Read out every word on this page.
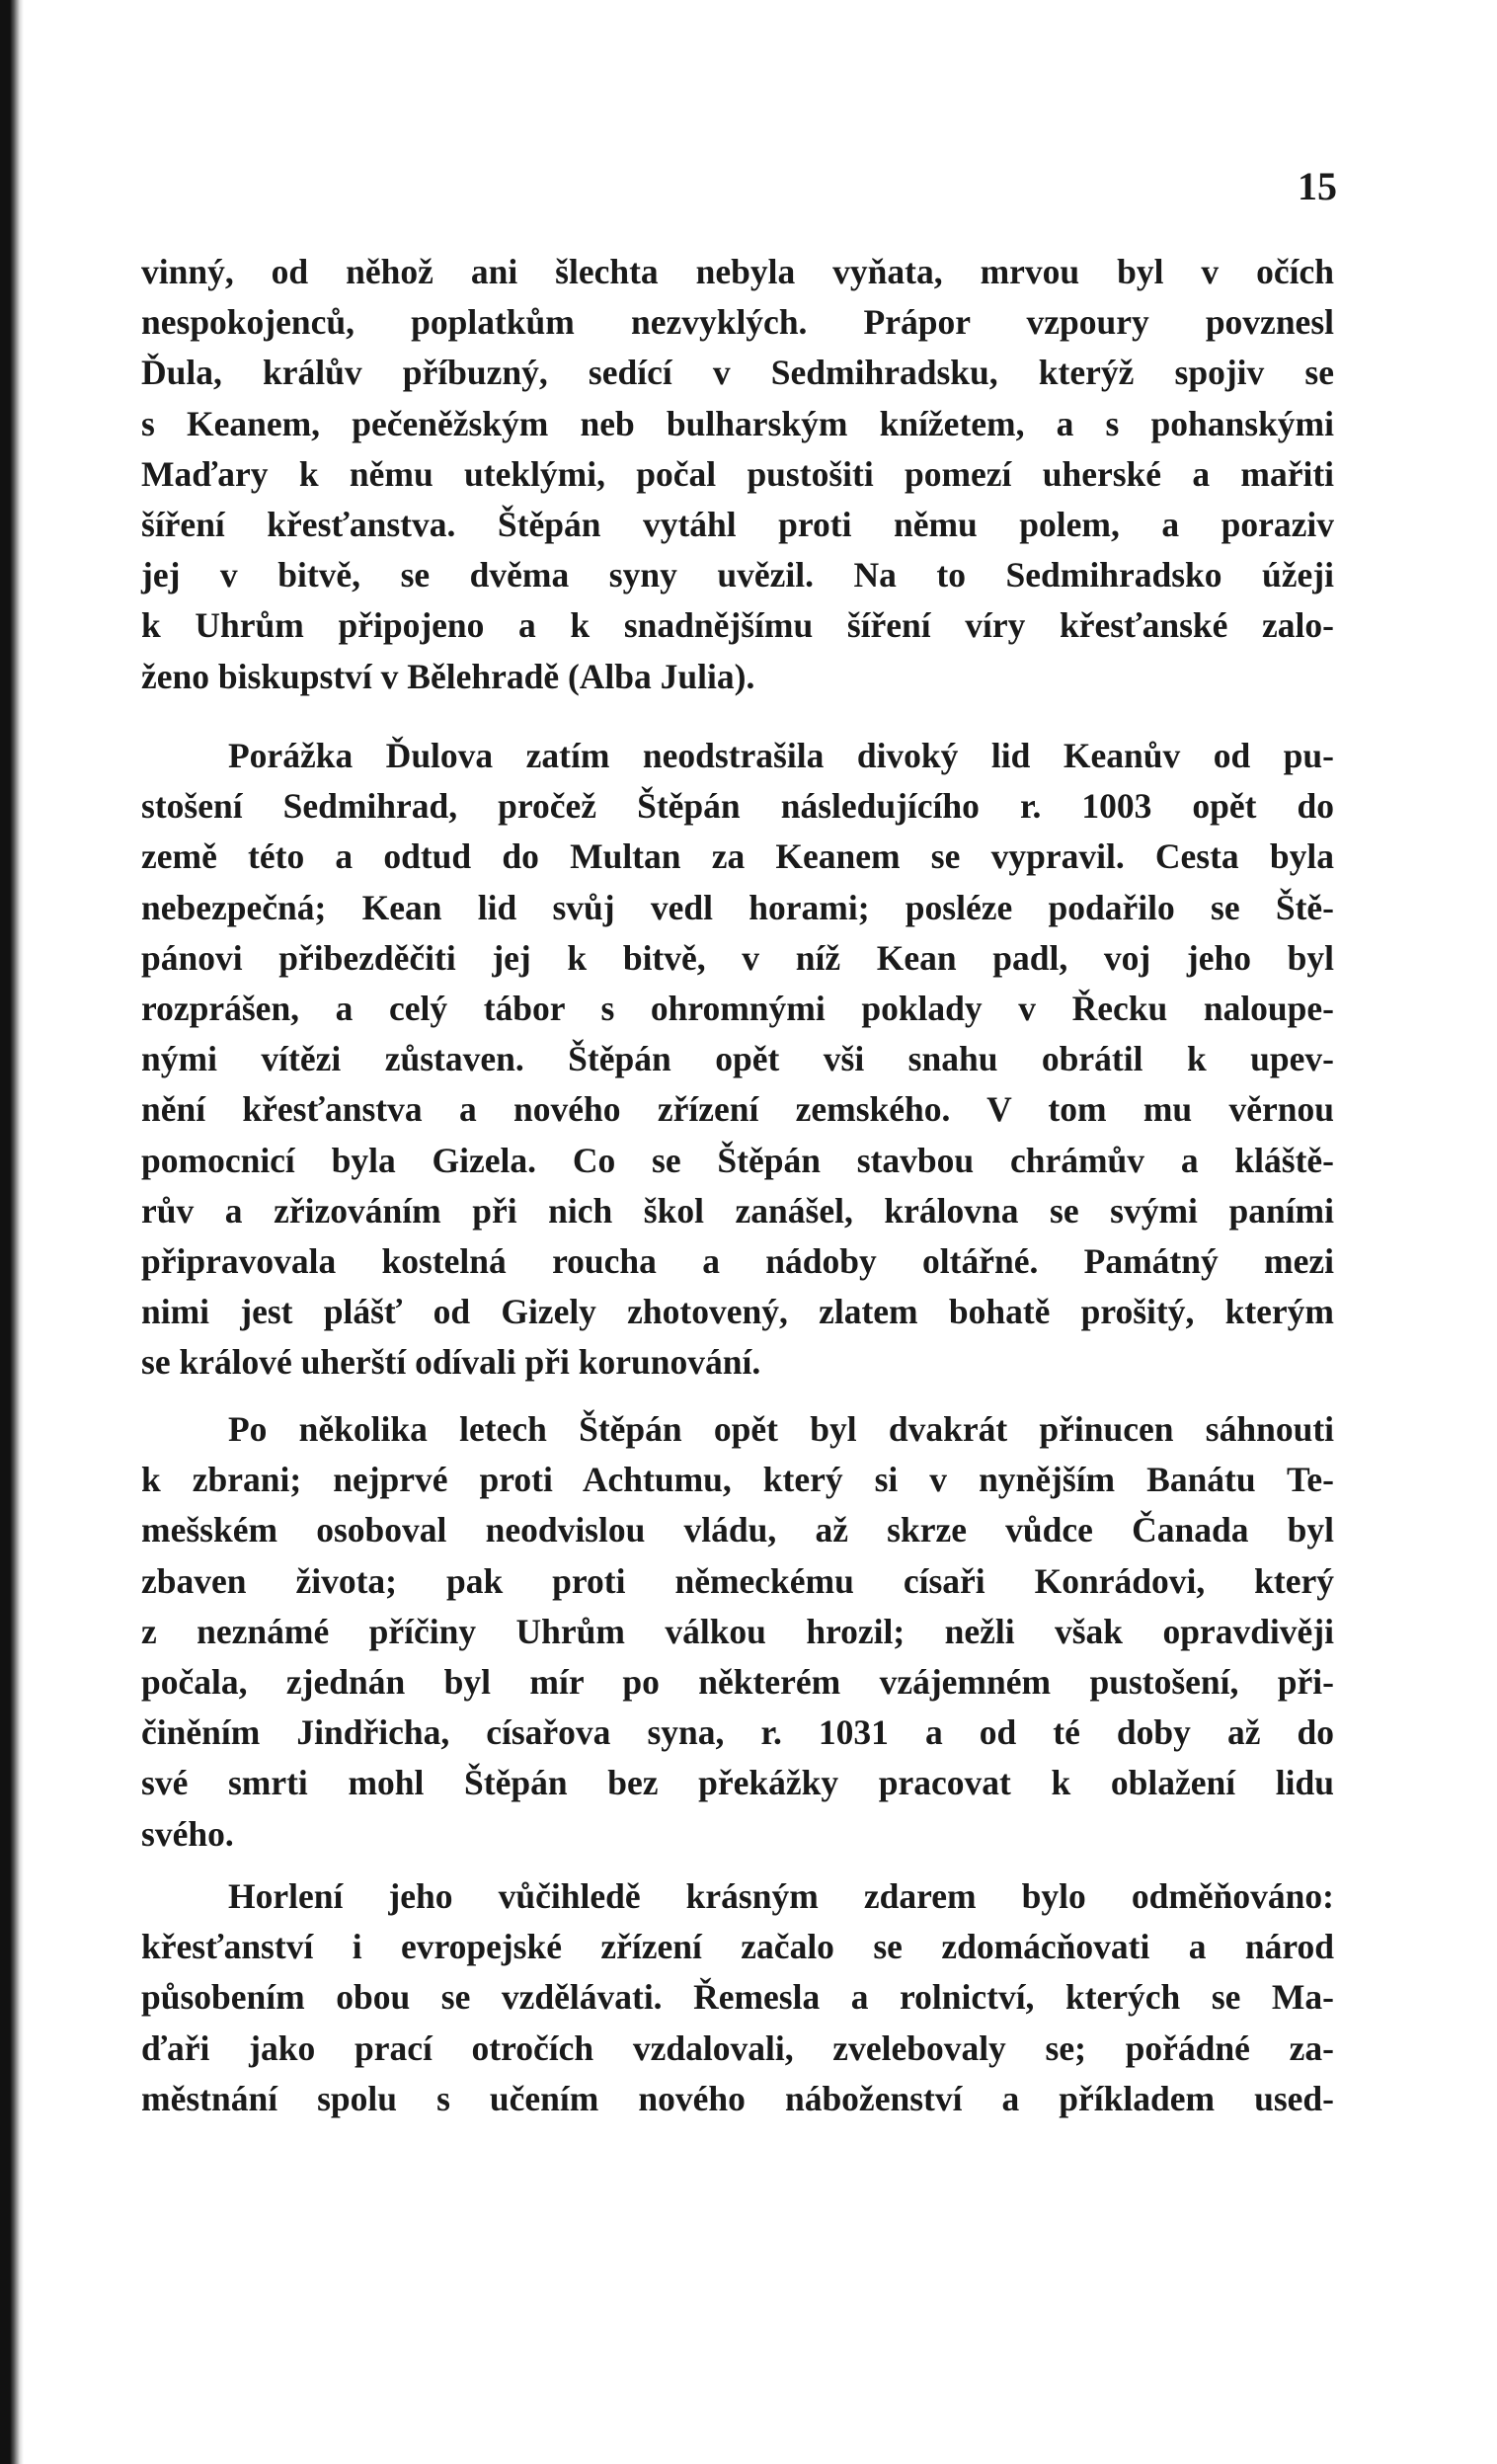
15
vinný, od něhož ani šlechta nebyla vyňata, mrvou byl v očích
nespokojenců, poplatkům nezvyklých. Prápor vzpoury povznesl
Ďula, králův příbuzný, sedící v Sedmihradsku, kterýž spojiv se
s Keanem, pečeněžským neb bulharským knížetem, a s pohanskými
Maďary k němu uteklými, počal pustošiti pomezí uherské a mařiti
šíření křesťanstva. Štěpán vytáhl proti němu polem, a poraziv
jej v bitvě, se dvěma syny uvězil. Na to Sedmihradsko úžeji
k Uhrům připojeno a k snadnějšímu šíření víry křesťanské zalo-
ženo biskupství v Bělehradě (Alba Julia).
Porážka Ďulova zatím neodstrašila divoký lid Keanův od pu-
stošení Sedmihrad, pročež Štěpán následujícího r. 1003 opět do
země této a odtud do Multan za Keanem se vypravil. Cesta byla
nebezpečná; Kean lid svůj vedl horami; posléze podařilo se Ště-
pánovi přibezděčiti jej k bitvě, v níž Kean padl, voj jeho byl
rozprášen, a celý tábor s ohromnými poklady v Řecku naloupe-
nými vítězi zůstaven. Štěpán opět vši snahu obrátil k upev-
nění křesťanstva a nového zřízení zemského. V tom mu věrnou
pomocnicí byla Gizela. Co se Štěpán stavbou chrámův a kláště-
rův a zřizováním při nich škol zanášel, královna se svými paními
připravovala kostelná roucha a nádoby oltářné. Památný mezi
nimi jest plášť od Gizely zhotovený, zlatem bohatě prošitý, kterým
se králové uherští odívali při korunování.
Po několika letech Štěpán opět byl dvakrát přinucen sáhnouti
k zbrani; nejprvé proti Achtumu, který si v nynějším Banátu Te-
mešském osoboval neodvislou vládu, až skrze vůdce Čanada byl
zbaven života; pak proti německému císaři Konrádovi, který
z neznámé příčiny Uhrům válkou hrozil; nežli však opravdivěji
počala, zjednán byl mír po některém vzájemném pustošení, při-
činěním Jindřicha, císařova syna, r. 1031 a od té doby až do
své smrti mohl Štěpán bez překážky pracovat k oblažení lidu
svého.
Horlení jeho vůčihledě krásným zdarem bylo odměňováno:
křesťanství i evropejské zřízení začalo se zdomácňovati a národ
působením obou se vzdělávati. Řemesla a rolnictví, kterých se Ma-
ďaři jako prací otročích vzdalovali, zvelebovaly se; pořádné za-
městnání spolu s učením nového náboženství a příkladem used-
